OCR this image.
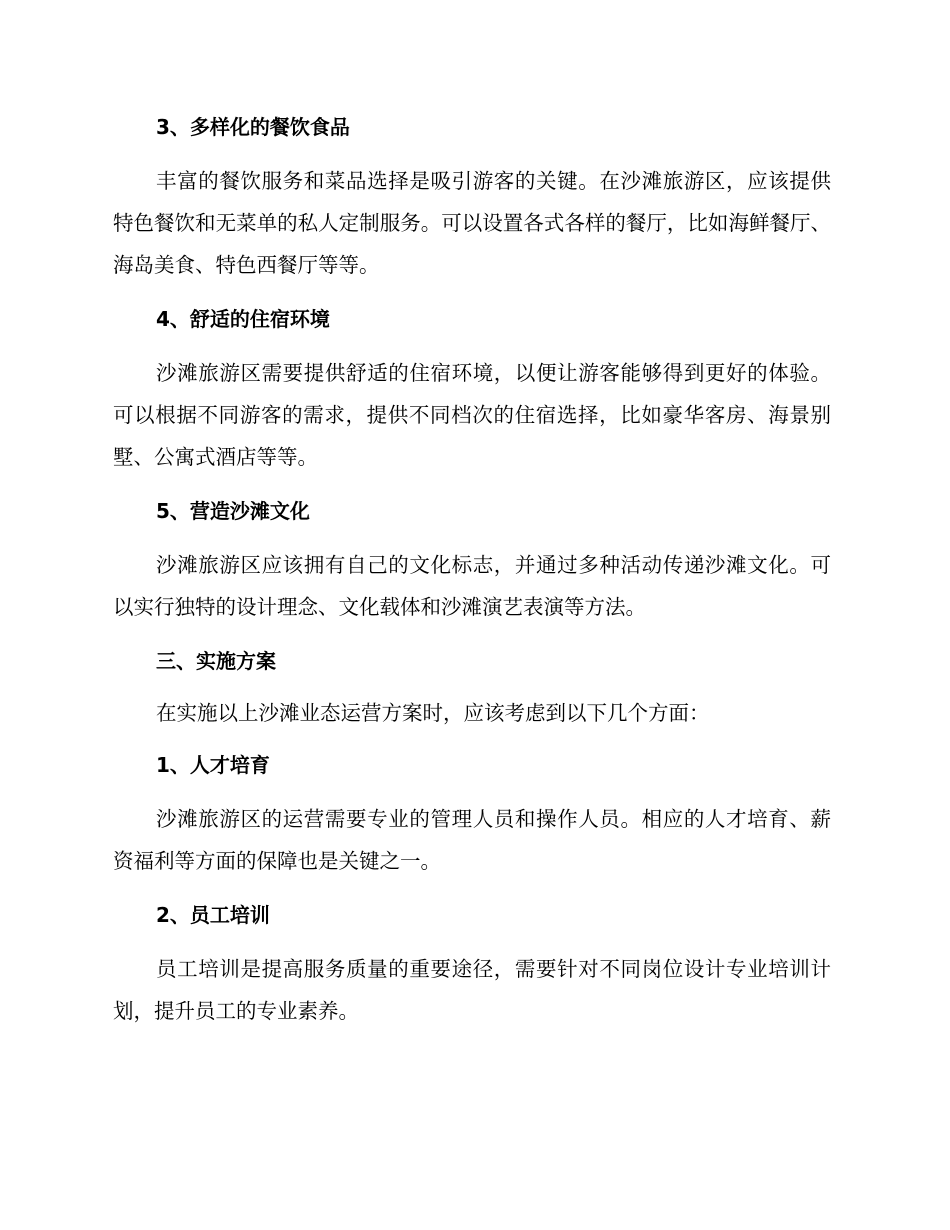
3、多样化的餐饮食品

丰富的餐饮服务和菜品选择是吸引游客的关键。在沙滩旅游区，应该提供特色餐饮和无菜单的私人定制服务。可以设置各式各样的餐厅，比如海鲜餐厅、海岛美食、特色西餐厅等等。

4、舒适的住宿环境

沙滩旅游区需要提供舒适的住宿环境，以便让游客能够得到更好的体验。可以根据不同游客的需求，提供不同档次的住宿选择，比如豪华客房、海景别墅、公寓式酒店等等。

5、营造沙滩文化

沙滩旅游区应该拥有自己的文化标志，并通过多种活动传递沙滩文化。可以实行独特的设计理念、文化载体和沙滩演艺表演等方法。

三、实施方案

在实施以上沙滩业态运营方案时，应该考虑到以下几个方面：

1、人才培育

沙滩旅游区的运营需要专业的管理人员和操作人员。相应的人才培育、薪资福利等方面的保障也是关键之一。

2、员工培训

员工培训是提高服务质量的重要途径，需要针对不同岗位设计专业培训计划，提升员工的专业素养。
